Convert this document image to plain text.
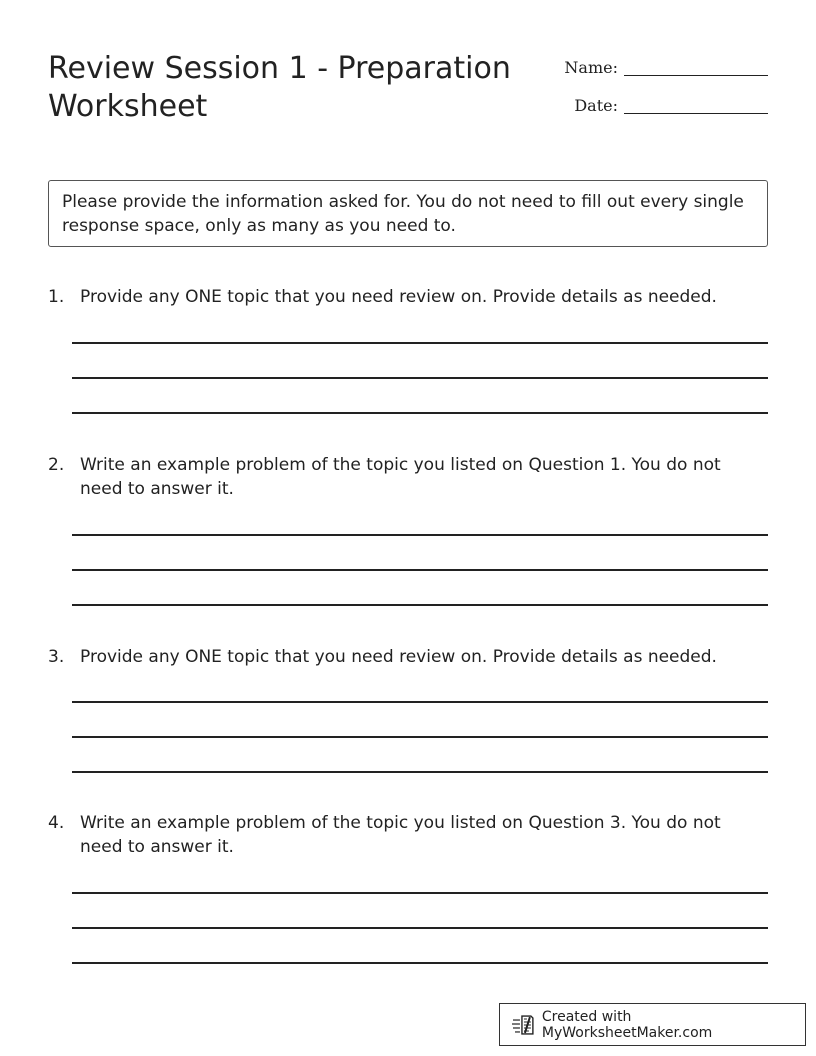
Review Session 1 - Preparation Worksheet
Name:
Date:
Please provide the information asked for. You do not need to fill out every single response space, only as many as you need to.
1. Provide any ONE topic that you need review on. Provide details as needed.
2. Write an example problem of the topic you listed on Question 1. You do not need to answer it.
3. Provide any ONE topic that you need review on. Provide details as needed.
4. Write an example problem of the topic you listed on Question 3. You do not need to answer it.
Created with MyWorksheetMaker.com
